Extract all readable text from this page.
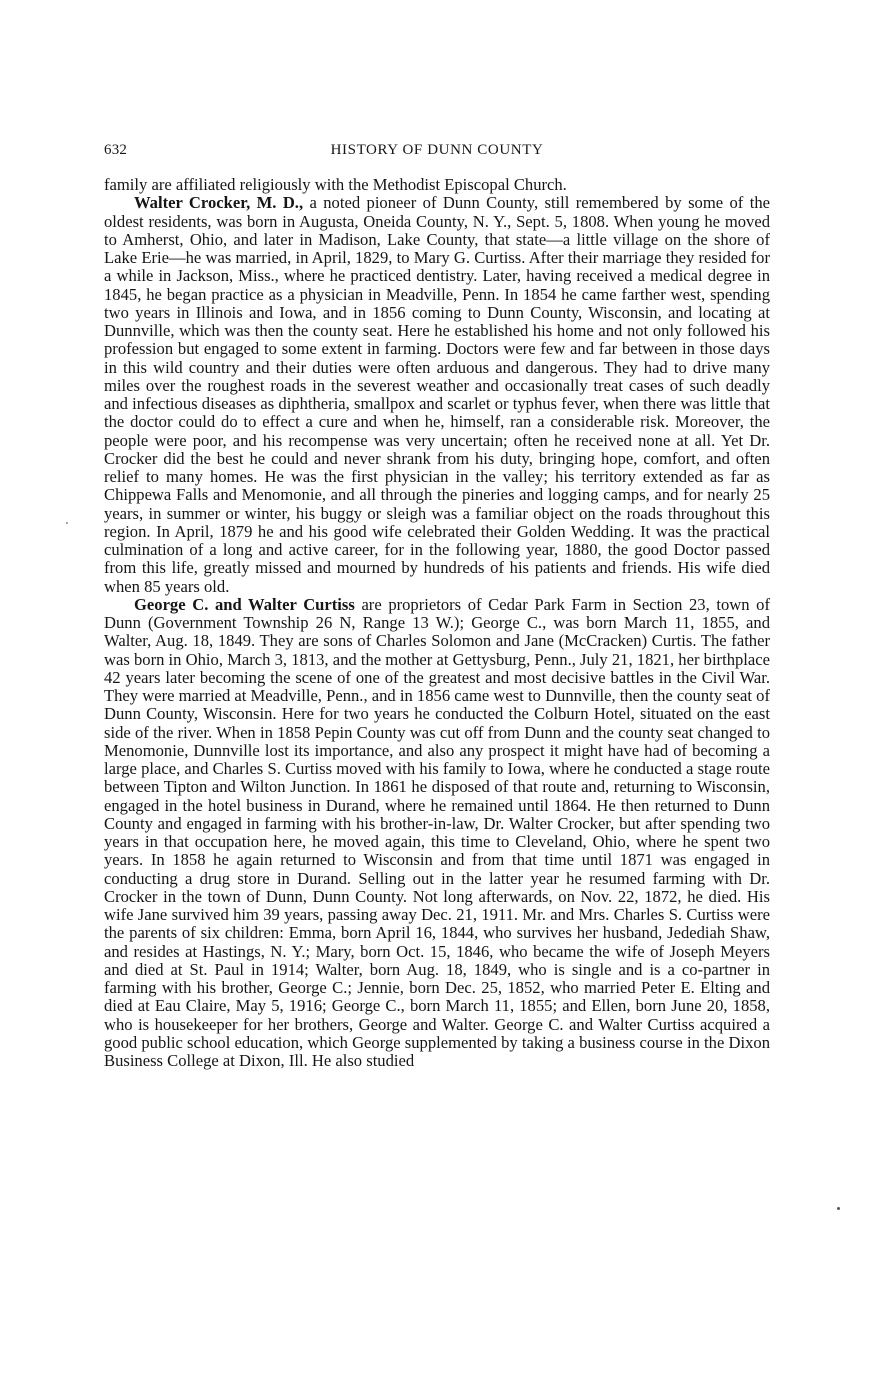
632	HISTORY OF DUNN COUNTY

family are affiliated religiously with the Methodist Episcopal Church.

Walter Crocker, M. D., a noted pioneer of Dunn County, still remembered by some of the oldest residents, was born in Augusta, Oneida County, N. Y., Sept. 5, 1808. When young he moved to Amherst, Ohio, and later in Madison, Lake County, that state—a little village on the shore of Lake Erie—he was married, in April, 1829, to Mary G. Curtiss. After their marriage they resided for a while in Jackson, Miss., where he practiced dentistry. Later, having received a medical degree in 1845, he began practice as a physician in Meadville, Penn. In 1854 he came farther west, spending two years in Illinois and Iowa, and in 1856 coming to Dunn County, Wisconsin, and locating at Dunnville, which was then the county seat. Here he established his home and not only followed his profession but engaged to some extent in farming. Doctors were few and far between in those days in this wild country and their duties were often arduous and dangerous. They had to drive many miles over the roughest roads in the severest weather and occasionally treat cases of such deadly and infectious diseases as diphtheria, smallpox and scarlet or typhus fever, when there was little that the doctor could do to effect a cure and when he, himself, ran a considerable risk. Moreover, the people were poor, and his recompense was very uncertain; often he received none at all. Yet Dr. Crocker did the best he could and never shrank from his duty, bringing hope, comfort, and often relief to many homes. He was the first physician in the valley; his territory extended as far as Chippewa Falls and Menomonie, and all through the pineries and logging camps, and for nearly 25 years, in summer or winter, his buggy or sleigh was a familiar object on the roads throughout this region. In April, 1879 he and his good wife celebrated their Golden Wedding. It was the practical culmination of a long and active career, for in the following year, 1880, the good Doctor passed from this life, greatly missed and mourned by hundreds of his patients and friends. His wife died when 85 years old.

George C. and Walter Curtiss are proprietors of Cedar Park Farm in Section 23, town of Dunn (Government Township 26 N, Range 13 W.); George C., was born March 11, 1855, and Walter, Aug. 18, 1849. They are sons of Charles Solomon and Jane (McCracken) Curtis. The father was born in Ohio, March 3, 1813, and the mother at Gettysburg, Penn., July 21, 1821, her birthplace 42 years later becoming the scene of one of the greatest and most decisive battles in the Civil War. They were married at Meadville, Penn., and in 1856 came west to Dunnville, then the county seat of Dunn County, Wisconsin. Here for two years he conducted the Colburn Hotel, situated on the east side of the river. When in 1858 Pepin County was cut off from Dunn and the county seat changed to Menomonie, Dunnville lost its importance, and also any prospect it might have had of becoming a large place, and Charles S. Curtiss moved with his family to Iowa, where he conducted a stage route between Tipton and Wilton Junction. In 1861 he disposed of that route and, returning to Wisconsin, engaged in the hotel business in Durand, where he remained until 1864. He then returned to Dunn County and engaged in farming with his brother-in-law, Dr. Walter Crocker, but after spending two years in that occupation here, he moved again, this time to Cleveland, Ohio, where he spent two years. In 1858 he again returned to Wisconsin and from that time until 1871 was engaged in conducting a drug store in Durand. Selling out in the latter year he resumed farming with Dr. Crocker in the town of Dunn, Dunn County. Not long afterwards, on Nov. 22, 1872, he died. His wife Jane survived him 39 years, passing away Dec. 21, 1911. Mr. and Mrs. Charles S. Curtiss were the parents of six children: Emma, born April 16, 1844, who survives her husband, Jedediah Shaw, and resides at Hastings, N. Y.; Mary, born Oct. 15, 1846, who became the wife of Joseph Meyers and died at St. Paul in 1914; Walter, born Aug. 18, 1849, who is single and is a co-partner in farming with his brother, George C.; Jennie, born Dec. 25, 1852, who married Peter E. Elting and died at Eau Claire, May 5, 1916; George C., born March 11, 1855; and Ellen, born June 20, 1858, who is housekeeper for her brothers, George and Walter. George C. and Walter Curtiss acquired a good public school education, which George supplemented by taking a business course in the Dixon Business College at Dixon, Ill. He also studied
